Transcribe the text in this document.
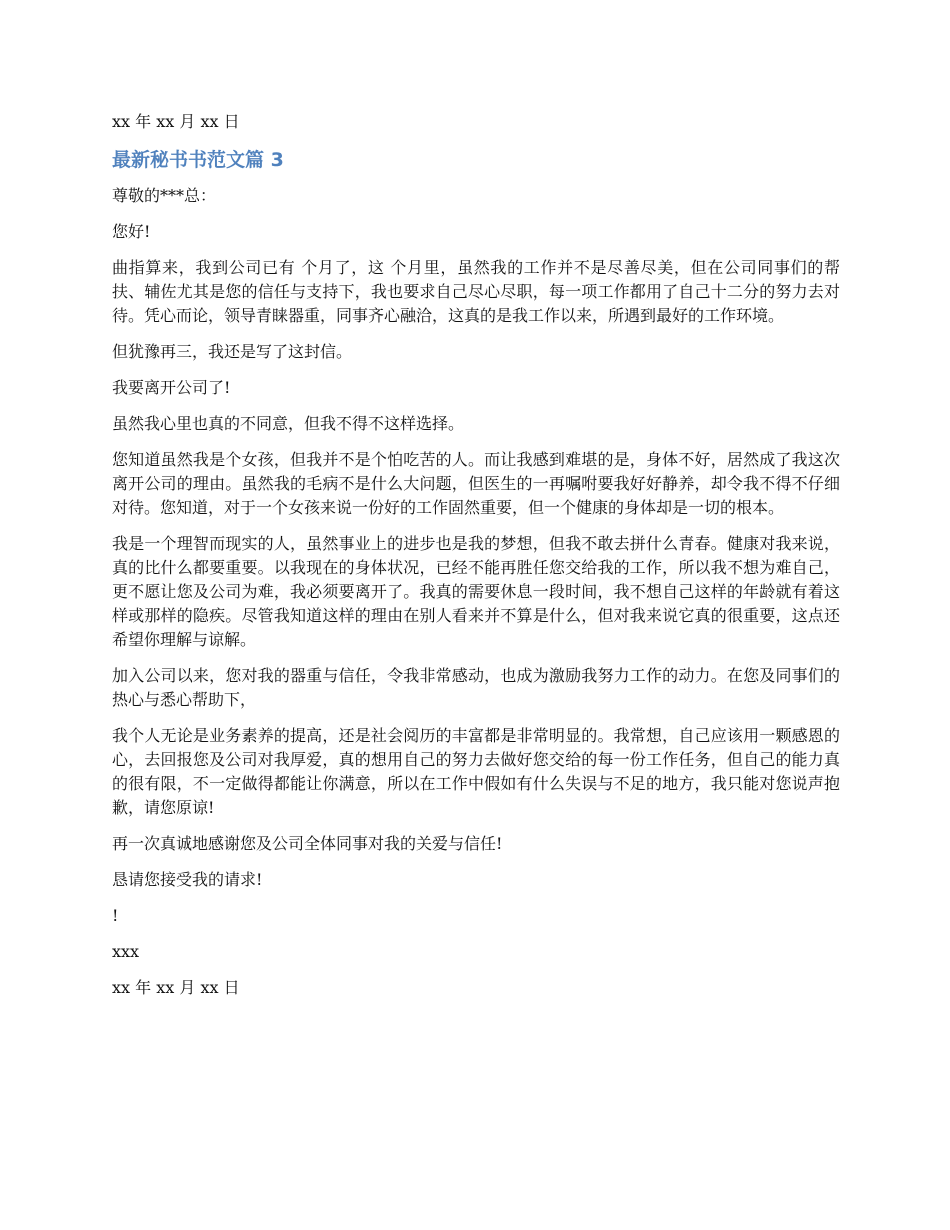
xx 年 xx 月 xx 日
最新秘书书范文篇 3
尊敬的***总：
您好!
曲指算来，我到公司已有 个月了，这 个月里，虽然我的工作并不是尽善尽美，但在公司同事们的帮扶、辅佐尤其是您的信任与支持下，我也要求自己尽心尽职，每一项工作都用了自己十二分的努力去对待。凭心而论，领导青睐器重，同事齐心融洽，这真的是我工作以来，所遇到最好的工作环境。
但犹豫再三，我还是写了这封信。
我要离开公司了!
虽然我心里也真的不同意，但我不得不这样选择。
您知道虽然我是个女孩，但我并不是个怕吃苦的人。而让我感到难堪的是，身体不好，居然成了我这次离开公司的理由。虽然我的毛病不是什么大问题，但医生的一再嘱咐要我好好静养，却令我不得不仔细对待。您知道，对于一个女孩来说一份好的工作固然重要，但一个健康的身体却是一切的根本。
我是一个理智而现实的人，虽然事业上的进步也是我的梦想，但我不敢去拼什么青春。健康对我来说，真的比什么都要重要。以我现在的身体状况，已经不能再胜任您交给我的工作，所以我不想为难自己，更不愿让您及公司为难，我必须要离开了。我真的需要休息一段时间，我不想自己这样的年龄就有着这样或那样的隐疾。尽管我知道这样的理由在别人看来并不算是什么，但对我来说它真的很重要，这点还希望你理解与谅解。
加入公司以来，您对我的器重与信任，令我非常感动，也成为激励我努力工作的动力。在您及同事们的热心与悉心帮助下，
我个人无论是业务素养的提高，还是社会阅历的丰富都是非常明显的。我常想，自己应该用一颗感恩的心，去回报您及公司对我厚爱，真的想用自己的努力去做好您交给的每一份工作任务，但自己的能力真的很有限，不一定做得都能让你满意，所以在工作中假如有什么失误与不足的地方，我只能对您说声抱歉，请您原谅!
再一次真诚地感谢您及公司全体同事对我的关爱与信任!
恳请您接受我的请求!
!
xxx
xx 年 xx 月 xx 日
